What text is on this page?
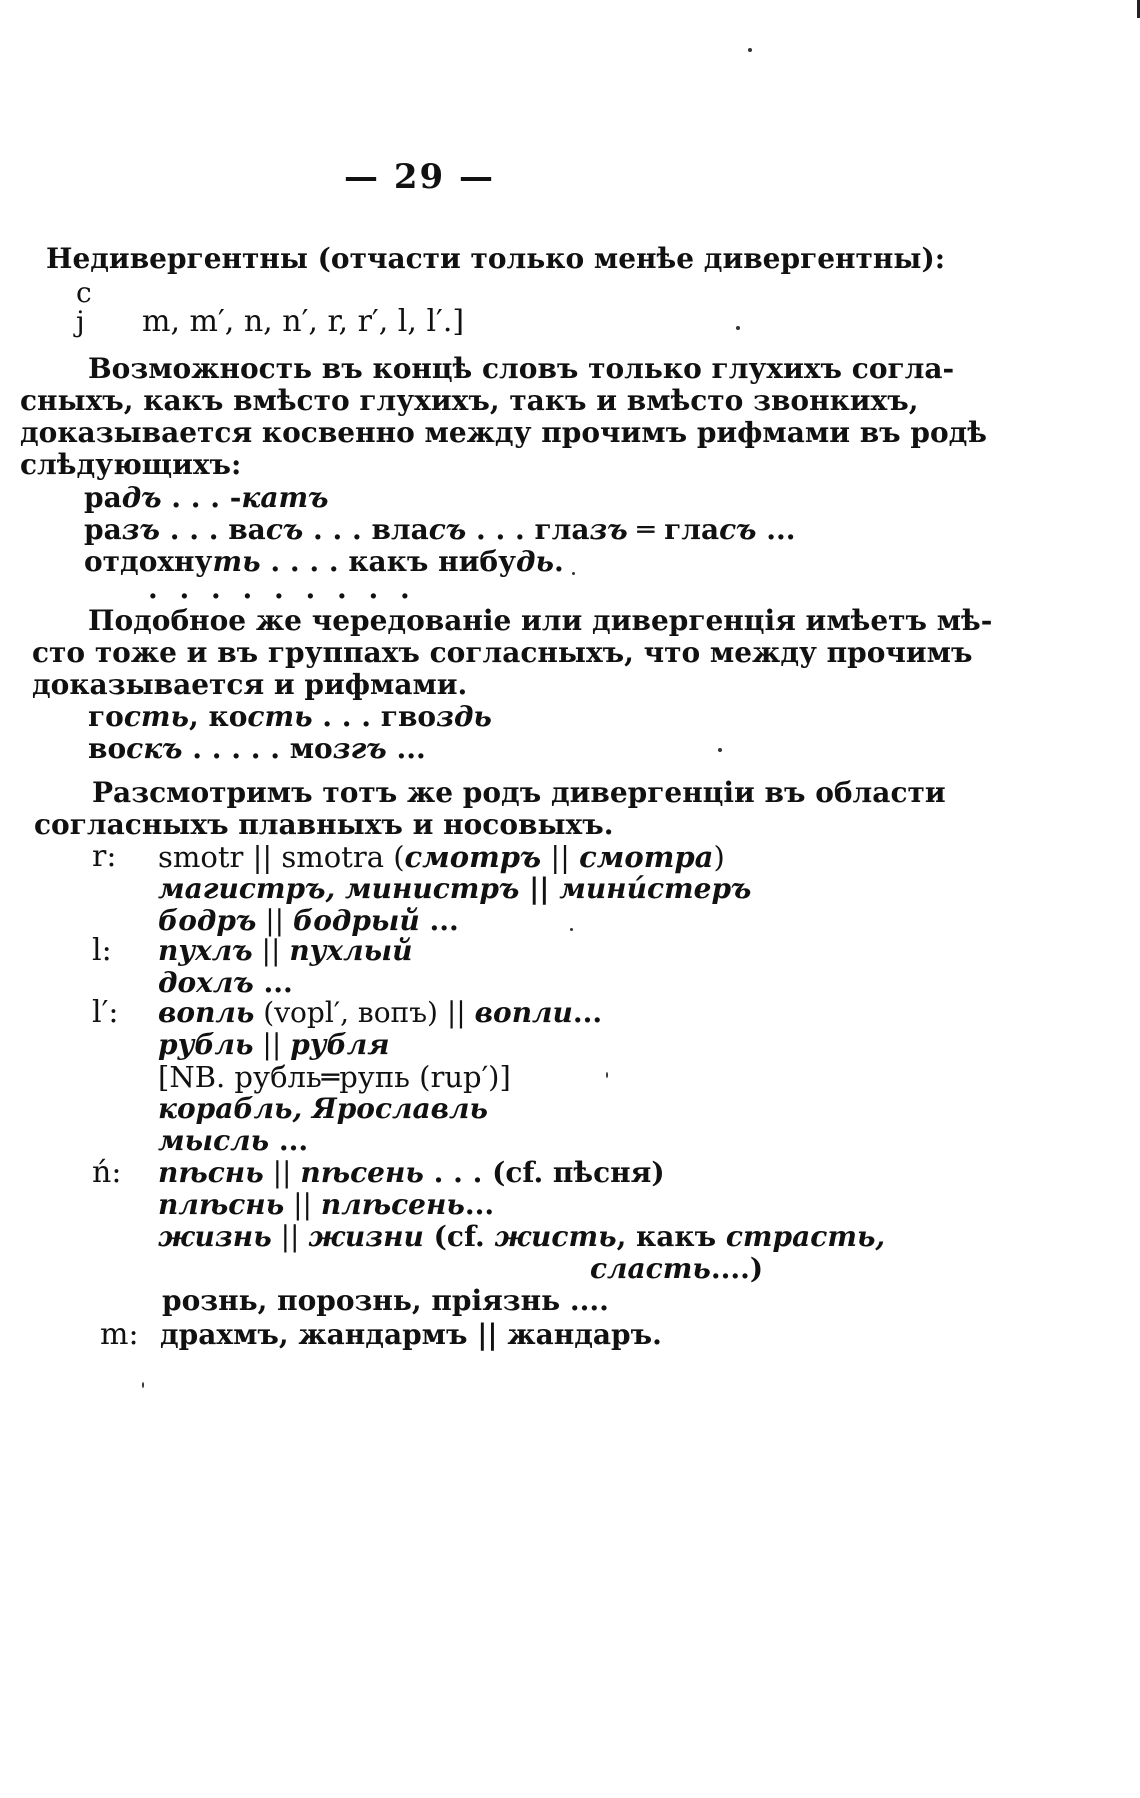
— 29 —
Недивергентны (отчасти только менѣе дивергентны):
c
j m, m′, n, n′, r, r′, l, l′.]
Возможность въ концѣ словъ только глухихъ согла-
сныхъ, какъ вмѣсто глухихъ, такъ и вмѣсто звонкихъ,
доказывается косвенно между прочимъ рифмами въ родѣ
слѣдующихъ:
радъ . . . -катъ
разъ . . . васъ . . . власъ . . . глазъ ═ гласъ ...
отдохнуть . . . . какъ нибудь.
. . . . . . . . .
Подобное же чередованіе или дивергенція имѣетъ мѣ-
сто тоже и въ группахъ согласныхъ, что между прочимъ
доказывается и рифмами.
гость, кость . . . гвоздь
воскъ . . . . . мозгъ ...
Разсмотримъ тотъ же родъ дивергенціи въ области
согласныхъ плавныхъ и носовыхъ.
r: smotr || smotra (смотръ || смотра)
магистръ, министръ || мини́стеръ
бодръ || бодрый ...
l: пухлъ || пухлый
дохлъ ...
l′: вопль (vopl′, вопъ) || вопли...
рубль || рубля
[NB. рубль═рупь (rup′)]
корабль, Ярославль
мысль ...
ń: пѣснь || пѣсень . . . (cf. пѣсня)
плѣснь || плѣсень...
жизнь || жизни (cf. жисть, какъ страсть,
сласть....)
рознь, порознь, пріязнь ....
m: драхмъ, жандармъ || жандаръ.
